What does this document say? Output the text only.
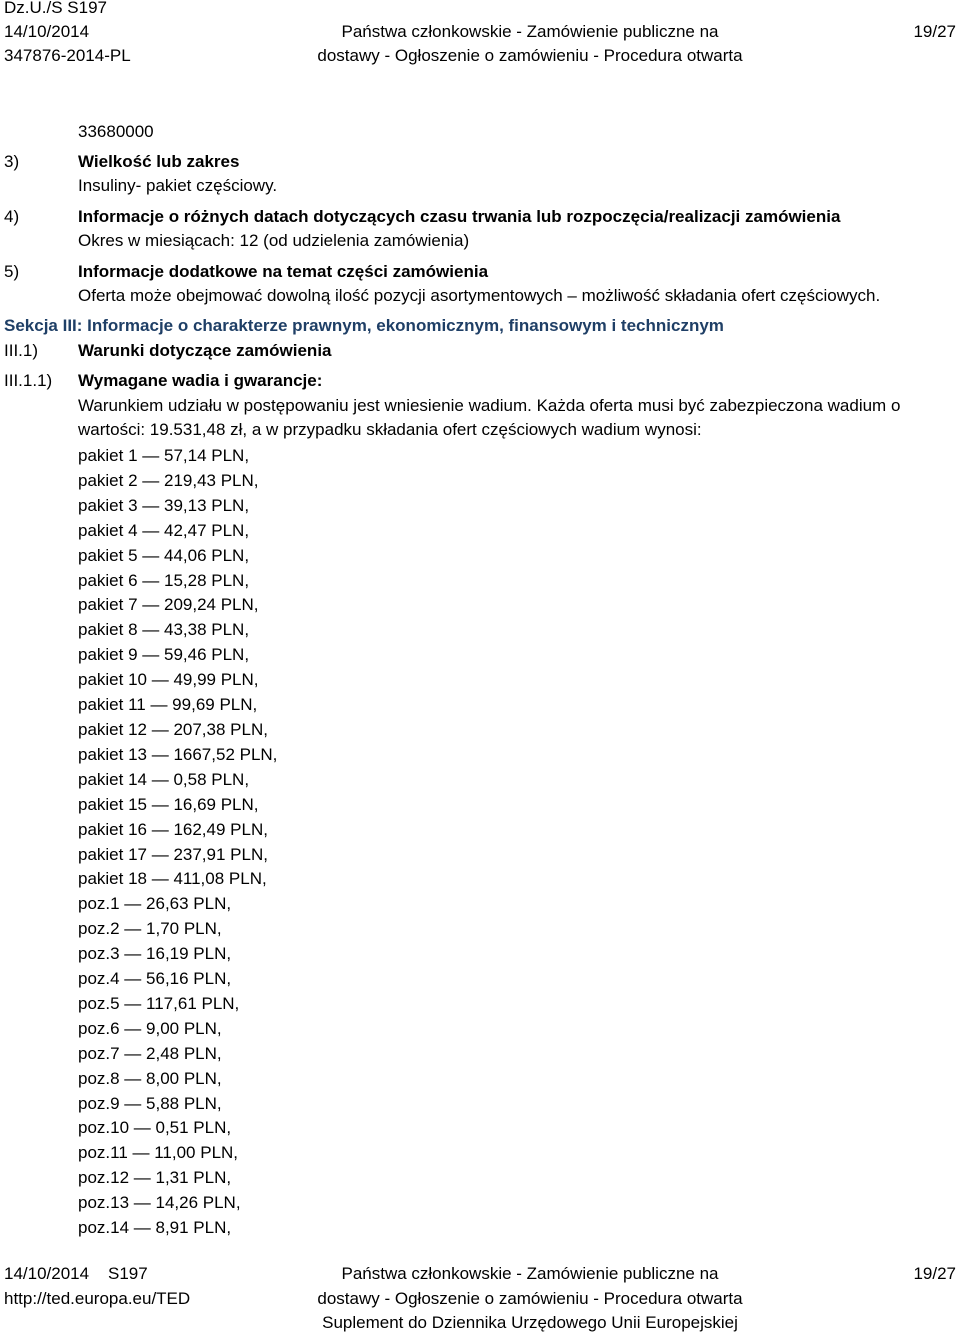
Dz.U./S S197
14/10/2014
347876-2014-PL
Państwa członkowskie - Zamówienie publiczne na
dostawy - Ogłoszenie o zamówieniu - Procedura otwarta
19/27
33680000
3)	Wielkość lub zakres
Insuliny- pakiet częściowy.
4)	Informacje o różnych datach dotyczących czasu trwania lub rozpoczęcia/realizacji zamówienia
Okres w miesiącach: 12 (od udzielenia zamówienia)
5)	Informacje dodatkowe na temat części zamówienia
Oferta może obejmować dowolną ilość pozycji asortymentowych – możliwość składania ofert częściowych.
Sekcja III: Informacje o charakterze prawnym, ekonomicznym, finansowym i technicznym
III.1) Warunki dotyczące zamówienia
III.1.1) Wymagane wadia i gwarancje:
Warunkiem udziału w postępowaniu jest wniesienie wadium. Każda oferta musi być zabezpieczona wadium o
wartości: 19.531,48 zł, a w przypadku składania ofert częściowych wadium wynosi:
pakiet 1 — 57,14 PLN,
pakiet 2 — 219,43 PLN,
pakiet 3 — 39,13 PLN,
pakiet 4 — 42,47 PLN,
pakiet 5 — 44,06 PLN,
pakiet 6 — 15,28 PLN,
pakiet 7 — 209,24 PLN,
pakiet 8 — 43,38 PLN,
pakiet 9 — 59,46 PLN,
pakiet 10 — 49,99 PLN,
pakiet 11 — 99,69 PLN,
pakiet 12 — 207,38 PLN,
pakiet 13 — 1667,52 PLN,
pakiet 14 — 0,58 PLN,
pakiet 15 — 16,69 PLN,
pakiet 16 — 162,49 PLN,
pakiet 17 — 237,91 PLN,
pakiet 18 — 411,08 PLN,
poz.1 — 26,63 PLN,
poz.2 — 1,70 PLN,
poz.3 — 16,19 PLN,
poz.4 — 56,16 PLN,
poz.5 — 117,61 PLN,
poz.6 — 9,00 PLN,
poz.7 — 2,48 PLN,
poz.8 — 8,00 PLN,
poz.9 — 5,88 PLN,
poz.10 — 0,51 PLN,
poz.11 — 11,00 PLN,
poz.12 — 1,31 PLN,
poz.13 — 14,26 PLN,
poz.14 — 8,91 PLN,
14/10/2014    S197
http://ted.europa.eu/TED
Państwa członkowskie - Zamówienie publiczne na
dostawy - Ogłoszenie o zamówieniu - Procedura otwarta
Suplement do Dziennika Urzędowego Unii Europejskiej
19/27
